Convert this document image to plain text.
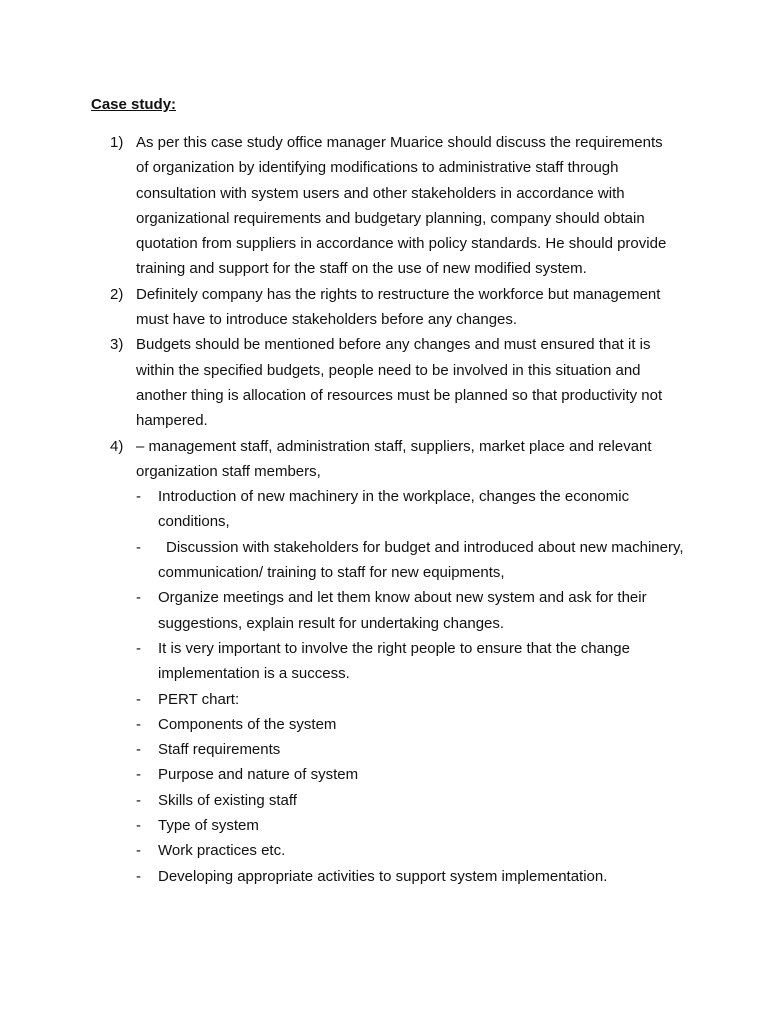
Case study:

1) As per this case study office manager Muarice should discuss the requirements of organization by identifying modifications to administrative staff through consultation with system users and other stakeholders in accordance with organizational requirements and budgetary planning, company should obtain quotation from suppliers in accordance with policy standards. He should provide training and support for the staff on the use of new modified system.
2) Definitely company has the rights to restructure the workforce but management must have to introduce stakeholders before any changes.
3) Budgets should be mentioned before any changes and must ensured that it is within the specified budgets, people need to be involved in this situation and another thing is allocation of resources must be planned so that productivity not hampered.
4) – management staff, administration staff, suppliers, market place and relevant organization staff members,
- Introduction of new machinery in the workplace, changes the economic conditions,
- Discussion with stakeholders for budget and introduced about new machinery, communication/ training to staff for new equipments,
- Organize meetings and let them know about new system and ask for their suggestions, explain result for undertaking changes.
- It is very important to involve the right people to ensure that the change implementation is a success.
- PERT chart:
- Components of the system
- Staff requirements
- Purpose and nature of system
- Skills of existing staff
- Type of system
- Work practices etc.
- Developing appropriate activities to support system implementation.
